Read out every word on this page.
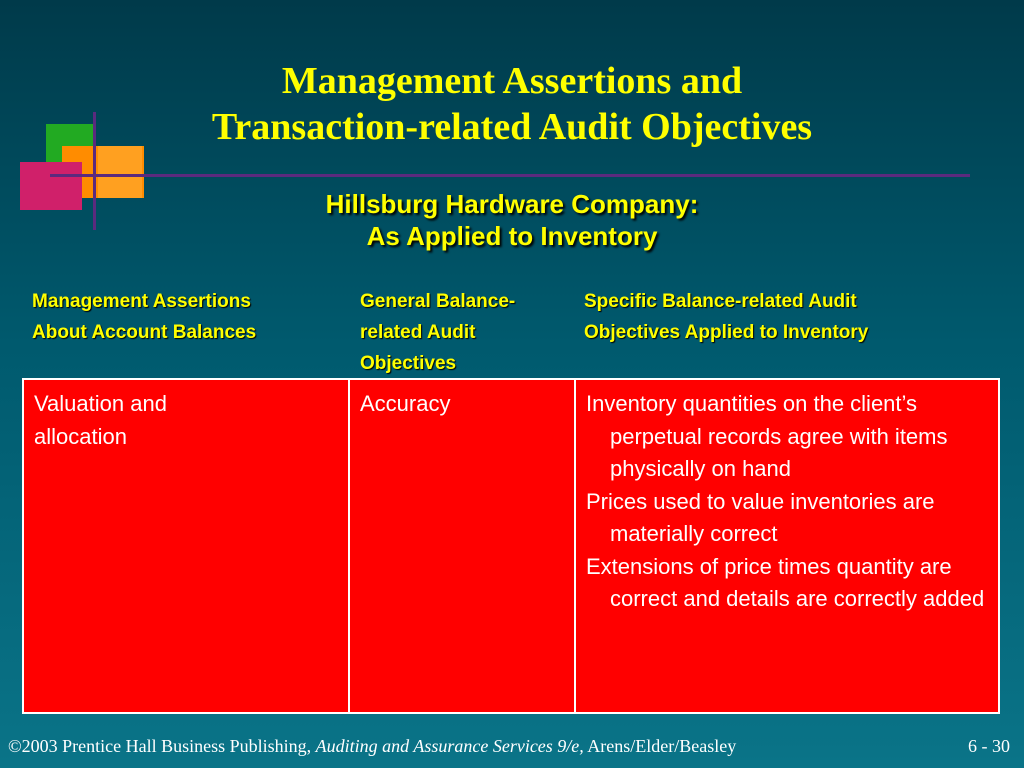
Management Assertions and
Transaction-related Audit Objectives
Hillsburg Hardware Company:
As Applied to Inventory
Management Assertions
About Account Balances
General Balance-
related Audit
Objectives
Specific Balance-related Audit
Objectives Applied to Inventory
Valuation and
allocation
Accuracy	Inventory quantities on the client’s perpetual records agree with items physically on hand
Prices used to value inventories are materially correct
Extensions of price times quantity are correct and details are correctly added
©2003 Prentice Hall Business Publishing, Auditing and Assurance Services 9/e, Arens/Elder/Beasley	6 - 30
